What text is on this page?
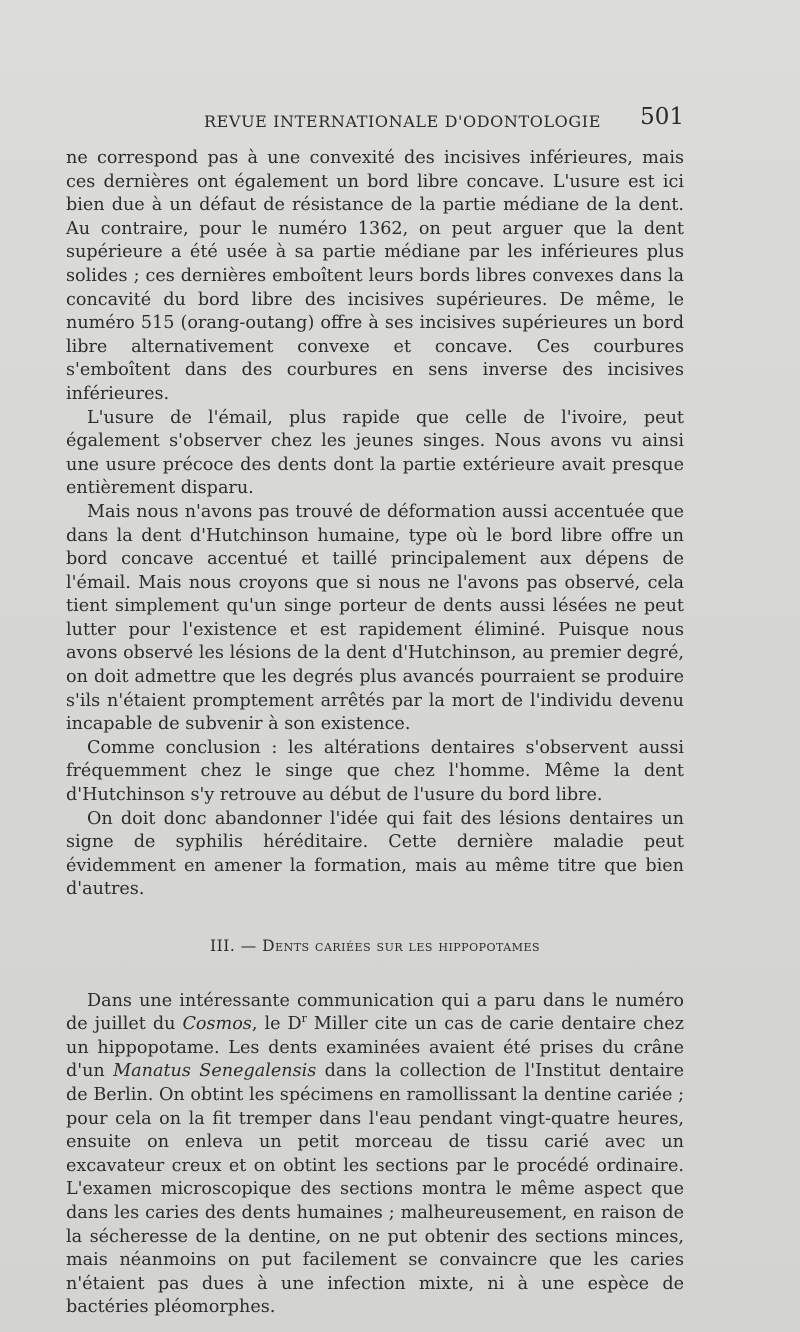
REVUE INTERNATIONALE D'ODONTOLOGIE 501

ne correspond pas à une convexité des incisives inférieures, mais ces dernières ont également un bord libre concave. L'usure est ici bien due à un défaut de résistance de la partie médiane de la dent. Au contraire, pour le numéro 1362, on peut arguer que la dent supérieure a été usée à sa partie médiane par les inférieures plus solides ; ces dernières emboîtent leurs bords libres convexes dans la concavité du bord libre des incisives supérieures. De même, le numéro 515 (orang-outang) offre à ses incisives supérieures un bord libre alternativement convexe et concave. Ces courbures s'emboîtent dans des courbures en sens inverse des incisives inférieures.

L'usure de l'émail, plus rapide que celle de l'ivoire, peut également s'observer chez les jeunes singes. Nous avons vu ainsi une usure précoce des dents dont la partie extérieure avait presque entièrement disparu.

Mais nous n'avons pas trouvé de déformation aussi accentuée que dans la dent d'Hutchinson humaine, type où le bord libre offre un bord concave accentué et taillé principalement aux dépens de l'émail. Mais nous croyons que si nous ne l'avons pas observé, cela tient simplement qu'un singe porteur de dents aussi lésées ne peut lutter pour l'existence et est rapidement éliminé. Puisque nous avons observé les lésions de la dent d'Hutchinson, au premier degré, on doit admettre que les degrés plus avancés pourraient se produire s'ils n'étaient promptement arrêtés par la mort de l'individu devenu incapable de subvenir à son existence.

Comme conclusion : les altérations dentaires s'observent aussi fréquemment chez le singe que chez l'homme. Même la dent d'Hutchinson s'y retrouve au début de l'usure du bord libre.

On doit donc abandonner l'idée qui fait des lésions dentaires un signe de syphilis héréditaire. Cette dernière maladie peut évidemment en amener la formation, mais au même titre que bien d'autres.

III. — Dents cariées sur les hippopotames

Dans une intéressante communication qui a paru dans le numéro de juillet du Cosmos, le $D^r$ Miller cite un cas de carie dentaire chez un hippopotame. Les dents examinées avaient été prises du crâne d'un Manatus Senegalensis dans la collection de l'Institut dentaire de Berlin. On obtint les spécimens en ramollissant la dentine cariée ; pour cela on la fit tremper dans l'eau pendant vingt-quatre heures, ensuite on enleva un petit morceau de tissu carié avec un excavateur creux et on obtint les sections par le procédé ordinaire. L'examen microscopique des sections montra le même aspect que dans les caries des dents humaines ; malheureusement, en raison de la sécheresse de la dentine, on ne put obtenir des sections minces, mais néanmoins on put facilement se convaincre que les caries n'étaient pas dues à une infection mixte, ni à une espèce de bactéries pléomorphes.
